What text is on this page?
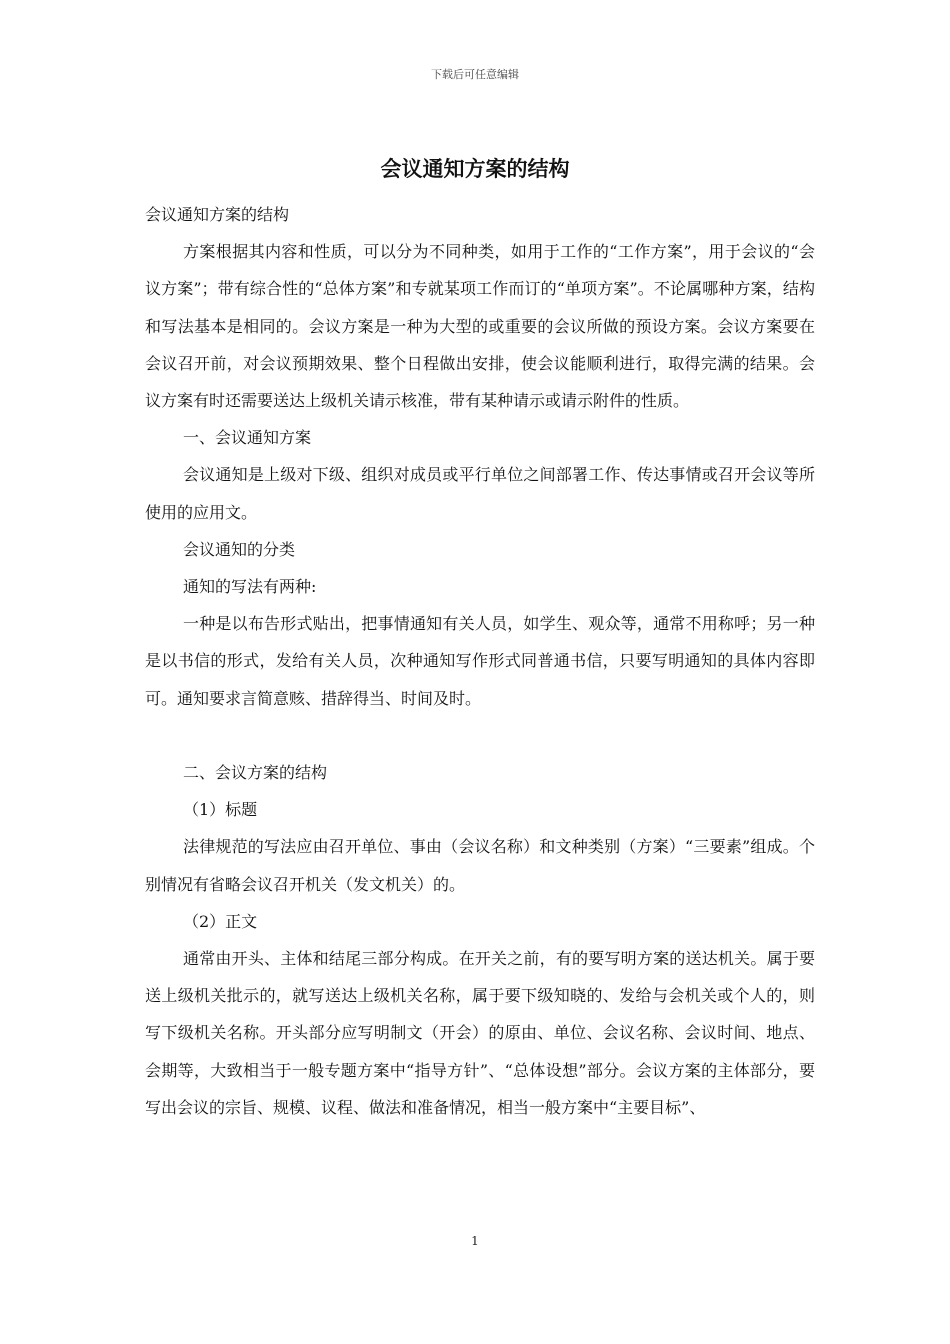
下载后可任意编辑
会议通知方案的结构

会议通知方案的结构

方案根据其内容和性质，可以分为不同种类，如用于工作的“工作方案”，用于会议的“会议方案”；带有综合性的“总体方案”和专就某项工作而订的“单项方案”。不论属哪种方案，结构和写法基本是相同的。会议方案是一种为大型的或重要的会议所做的预设方案。会议方案要在会议召开前，对会议预期效果、整个日程做出安排，使会议能顺利进行，取得完满的结果。会议方案有时还需要送达上级机关请示核准，带有某种请示或请示附件的性质。

一、会议通知方案

会议通知是上级对下级、组织对成员或平行单位之间部署工作、传达事情或召开会议等所使用的应用文。

会议通知的分类

通知的写法有两种:

一种是以布告形式贴出，把事情通知有关人员，如学生、观众等，通常不用称呼；另一种是以书信的形式，发给有关人员，次种通知写作形式同普通书信，只要写明通知的具体内容即可。通知要求言简意赅、措辞得当、时间及时。

二、会议方案的结构

（1）标题

法律规范的写法应由召开单位、事由（会议名称）和文种类别（方案）“三要素”组成。个别情况有省略会议召开机关（发文机关）的。

（2）正文

通常由开头、主体和结尾三部分构成。在开关之前，有的要写明方案的送达机关。属于要送上级机关批示的，就写送达上级机关名称，属于要下级知晓的、发给与会机关或个人的，则写下级机关名称。开头部分应写明制文（开会）的原由、单位、会议名称、会议时间、地点、会期等，大致相当于一般专题方案中“指导方针”、“总体设想”部分。会议方案的主体部分，要写出会议的宗旨、规模、议程、做法和准备情况，相当一般方案中“主要目标”、

1
